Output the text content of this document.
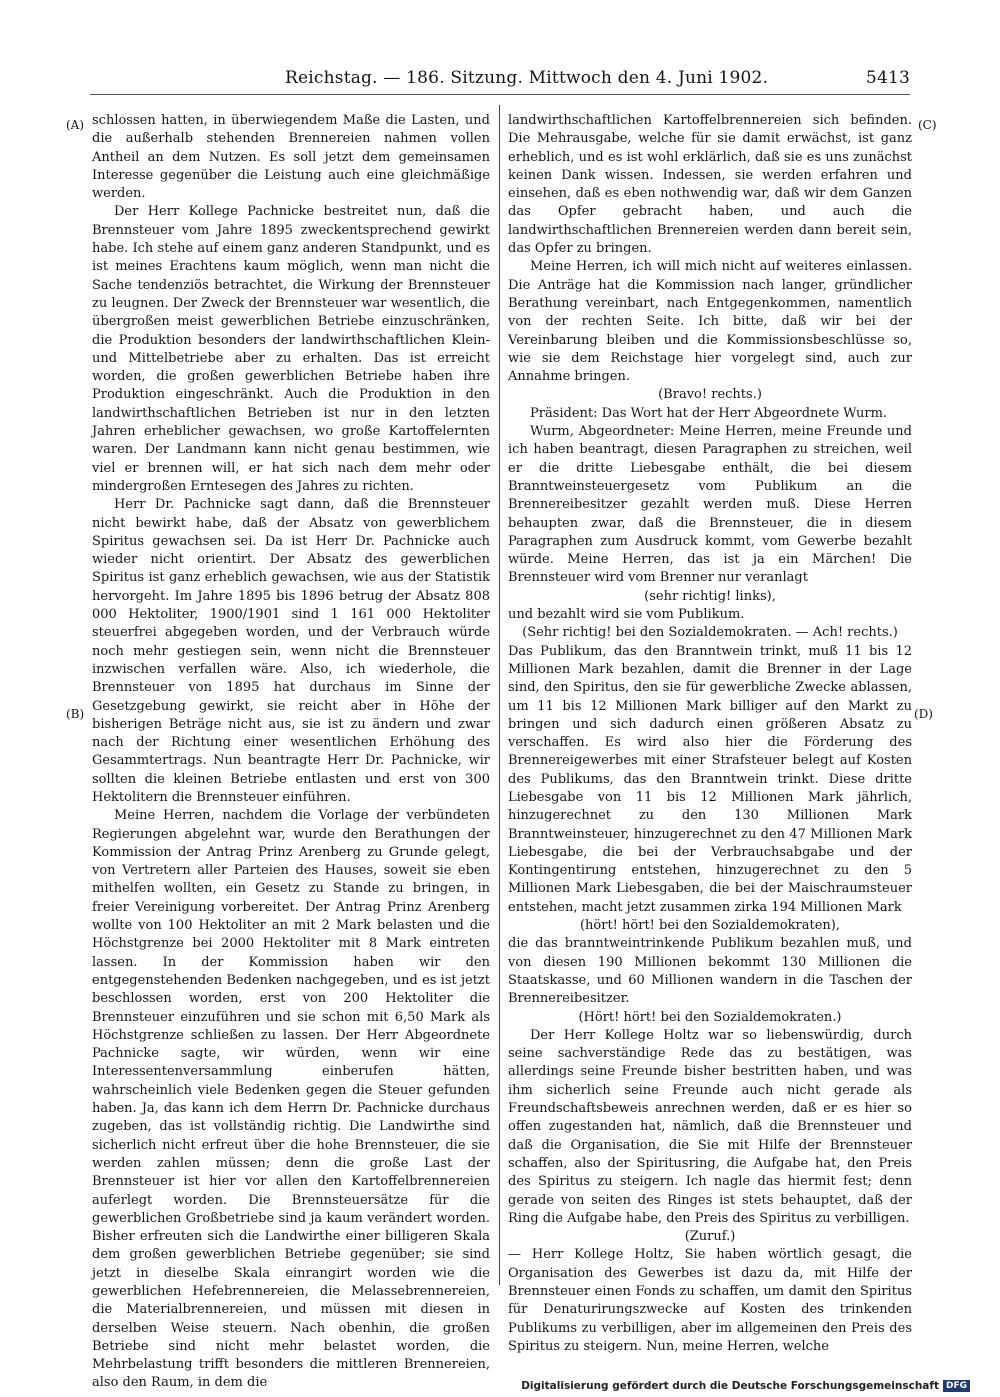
Reichstag. — 186. Sitzung. Mittwoch den 4. Juni 1902.	5413
(A)
(B)
(C)
(D)

schlossen hatten, in überwiegendem Maße die Lasten, und die außerhalb stehenden Brennereien nahmen vollen Antheil an dem Nutzen. Es soll jetzt dem gemeinsamen Interesse gegenüber die Leistung auch eine gleichmäßige werden.

Der Herr Kollege Pachnicke bestreitet nun, daß die Brennsteuer vom Jahre 1895 zweckentsprechend gewirkt habe. Ich stehe auf einem ganz anderen Standpunkt, und es ist meines Erachtens kaum möglich, wenn man nicht die Sache tendenziös betrachtet, die Wirkung der Brennsteuer zu leugnen. Der Zweck der Brennsteuer war wesentlich, die übergroßen meist gewerblichen Betriebe einzuschränken, die Produktion besonders der landwirthschaftlichen Klein- und Mittelbetriebe aber zu erhalten. Das ist erreicht worden, die großen gewerblichen Betriebe haben ihre Produktion eingeschränkt. Auch die Produktion in den landwirthschaftlichen Betrieben ist nur in den letzten Jahren erheblicher gewachsen, wo große Kartoffelernten waren. Der Landmann kann nicht genau bestimmen, wie viel er brennen will, er hat sich nach dem mehr oder mindergroßen Erntesegen des Jahres zu richten.

Herr Dr. Pachnicke sagt dann, daß die Brennsteuer nicht bewirkt habe, daß der Absatz von gewerblichem Spiritus gewachsen sei. Da ist Herr Dr. Pachnicke auch wieder nicht orientirt. Der Absatz des gewerblichen Spiritus ist ganz erheblich gewachsen, wie aus der Statistik hervorgeht. Im Jahre 1895 bis 1896 betrug der Absatz 808 000 Hektoliter, 1900/1901 sind 1 161 000 Hektoliter steuerfrei abgegeben worden, und der Verbrauch würde noch mehr gestiegen sein, wenn nicht die Brennsteuer inzwischen verfallen wäre. Also, ich wiederhole, die Brennsteuer von 1895 hat durchaus im Sinne der Gesetzgebung gewirkt, sie reicht aber in Höhe der bisherigen Beträge nicht aus, sie ist zu ändern und zwar nach der Richtung einer wesentlichen Erhöhung des Gesammtertrags. Nun beantragte Herr Dr. Pachnicke, wir sollten die kleinen Betriebe entlasten und erst von 300 Hektolitern die Brennsteuer einführen.

Meine Herren, nachdem die Vorlage der verbündeten Regierungen abgelehnt war, wurde den Berathungen der Kommission der Antrag Prinz Arenberg zu Grunde gelegt, von Vertretern aller Parteien des Hauses, soweit sie eben mithelfen wollten, ein Gesetz zu Stande zu bringen, in freier Vereinigung vorbereitet. Der Antrag Prinz Arenberg wollte von 100 Hektoliter an mit 2 Mark belasten und die Höchstgrenze bei 2000 Hektoliter mit 8 Mark eintreten lassen. In der Kommission haben wir den entgegenstehenden Bedenken nachgegeben, und es ist jetzt beschlossen worden, erst von 200 Hektoliter die Brennsteuer einzuführen und sie schon mit 6,50 Mark als Höchstgrenze schließen zu lassen. Der Herr Abgeordnete Pachnicke sagte, wir würden, wenn wir eine Interessentenversammlung einberufen hätten, wahrscheinlich viele Bedenken gegen die Steuer gefunden haben. Ja, das kann ich dem Herrn Dr. Pachnicke durchaus zugeben, das ist vollständig richtig. Die Landwirthe sind sicherlich nicht erfreut über die hohe Brennsteuer, die sie werden zahlen müssen; denn die große Last der Brennsteuer ist hier vor allen den Kartoffelbrennereien auferlegt worden. Die Brennsteuersätze für die gewerblichen Großbetriebe sind ja kaum verändert worden. Bisher erfreuten sich die Landwirthe einer billigeren Skala dem großen gewerblichen Betriebe gegenüber; sie sind jetzt in dieselbe Skala einrangirt worden wie die gewerblichen Hefebrennereien, die Melassebrennereien, die Materialbrennereien, und müssen mit diesen in derselben Weise steuern. Nach obenhin, die großen Betriebe sind nicht mehr belastet worden, die Mehrbelastung trifft besonders die mittleren Brennereien, also den Raum, in dem die

landwirthschaftlichen Kartoffelbrennereien sich befinden. Die Mehrausgabe, welche für sie damit erwächst, ist ganz erheblich, und es ist wohl erklärlich, daß sie es uns zunächst keinen Dank wissen. Indessen, sie werden erfahren und einsehen, daß es eben nothwendig war, daß wir dem Ganzen das Opfer gebracht haben, und auch die landwirthschaftlichen Brennereien werden dann bereit sein, das Opfer zu bringen.

Meine Herren, ich will mich nicht auf weiteres einlassen. Die Anträge hat die Kommission nach langer, gründlicher Berathung vereinbart, nach Entgegenkommen, namentlich von der rechten Seite. Ich bitte, daß wir bei der Vereinbarung bleiben und die Kommissionsbeschlüsse so, wie sie dem Reichstage hier vorgelegt sind, auch zur Annahme bringen.

(Bravo! rechts.)

Präsident: Das Wort hat der Herr Abgeordnete Wurm.

Wurm, Abgeordneter: Meine Herren, meine Freunde und ich haben beantragt, diesen Paragraphen zu streichen, weil er die dritte Liebesgabe enthält, die bei diesem Branntweinsteuergesetz vom Publikum an die Brennereibesitzer gezahlt werden muß. Diese Herren behaupten zwar, daß die Brennsteuer, die in diesem Paragraphen zum Ausdruck kommt, vom Gewerbe bezahlt würde. Meine Herren, das ist ja ein Märchen! Die Brennsteuer wird vom Brenner nur veranlagt

(sehr richtig! links),

und bezahlt wird sie vom Publikum.

(Sehr richtig! bei den Sozialdemokraten. — Ach! rechts.)

Das Publikum, das den Branntwein trinkt, muß 11 bis 12 Millionen Mark bezahlen, damit die Brenner in der Lage sind, den Spiritus, den sie für gewerbliche Zwecke ablassen, um 11 bis 12 Millionen Mark billiger auf den Markt zu bringen und sich dadurch einen größeren Absatz zu verschaffen. Es wird also hier die Förderung des Brennereigewerbes mit einer Strafsteuer belegt auf Kosten des Publikums, das den Branntwein trinkt. Diese dritte Liebesgabe von 11 bis 12 Millionen Mark jährlich, hinzugerechnet zu den 130 Millionen Mark Branntweinsteuer, hinzugerechnet zu den 47 Millionen Mark Liebesgabe, die bei der Verbrauchsabgabe und der Kontingentirung entstehen, hinzugerechnet zu den 5 Millionen Mark Liebesgaben, die bei der Maischraumsteuer entstehen, macht jetzt zusammen zirka 194 Millionen Mark

(hört! hört! bei den Sozialdemokraten),

die das branntweintrinkende Publikum bezahlen muß, und von diesen 190 Millionen bekommt 130 Millionen die Staatskasse, und 60 Millionen wandern in die Taschen der Brennereibesitzer.

(Hört! hört! bei den Sozialdemokraten.)

Der Herr Kollege Holtz war so liebenswürdig, durch seine sachverständige Rede das zu bestätigen, was allerdings seine Freunde bisher bestritten haben, und was ihm sicherlich seine Freunde auch nicht gerade als Freundschaftsbeweis anrechnen werden, daß er es hier so offen zugestanden hat, nämlich, daß die Brennsteuer und daß die Organisation, die Sie mit Hilfe der Brennsteuer schaffen, also der Spiritusring, die Aufgabe hat, den Preis des Spiritus zu steigern. Ich nagle das hiermit fest; denn gerade von seiten des Ringes ist stets behauptet, daß der Ring die Aufgabe habe, den Preis des Spiritus zu verbilligen.

(Zuruf.)

— Herr Kollege Holtz, Sie haben wörtlich gesagt, die Organisation des Gewerbes ist dazu da, mit Hilfe der Brennsteuer einen Fonds zu schaffen, um damit den Spiritus für Denaturirungszwecke auf Kosten des trinkenden Publikums zu verbilligen, aber im allgemeinen den Preis des Spiritus zu steigern. Nun, meine Herren, welche

Digitalisierung gefördert durch die Deutsche Forschungsgemeinschaft DFG
